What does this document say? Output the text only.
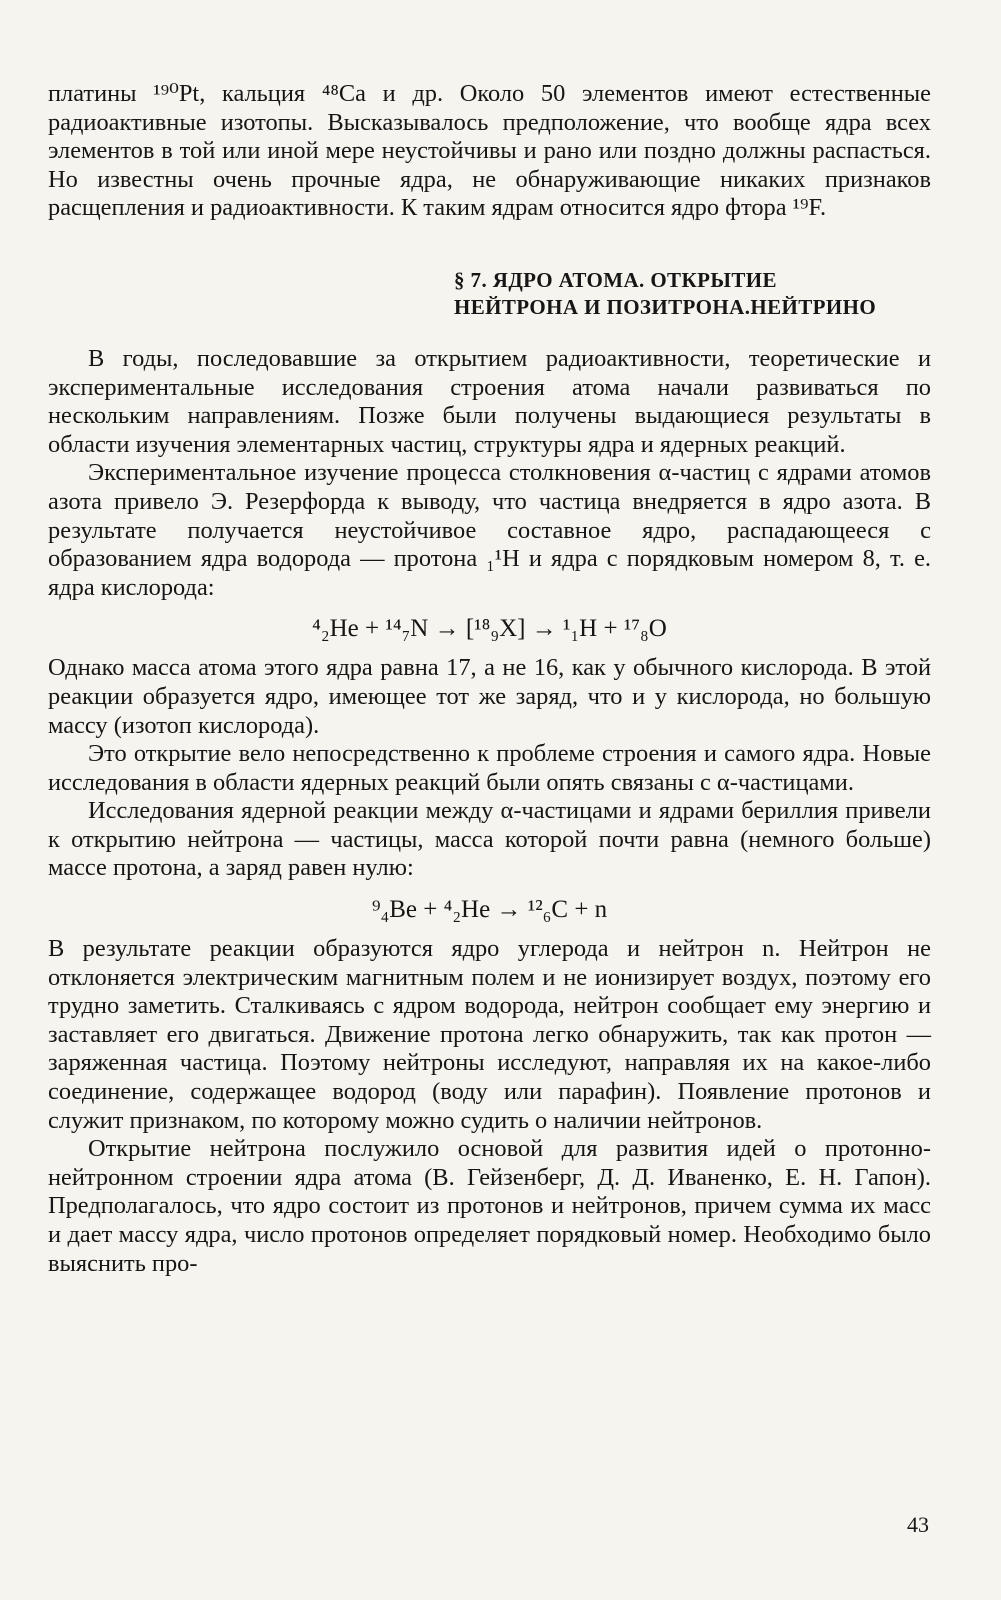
платины ¹⁹⁰Pt, кальция ⁴⁸Ca и др. Около 50 элементов имеют естественные радиоактивные изотопы. Высказывалось предположение, что вообще ядра всех элементов в той или иной мере неустойчивы и рано или поздно должны распасться. Но известны очень прочные ядра, не обнаруживающие никаких признаков расщепления и радиоактивности. К таким ядрам относится ядро фтора ¹⁹F.

§ 7. ЯДРО АТОМА. ОТКРЫТИЕ
НЕЙТРОНА И ПОЗИТРОНА.НЕЙТРИНО

В годы, последовавшие за открытием радиоактивности, теоретические и экспериментальные исследования строения атома начали развиваться по нескольким направлениям. Позже были получены выдающиеся результаты в области изучения элементарных частиц, структуры ядра и ядерных реакций.

Экспериментальное изучение процесса столкновения α-частиц с ядрами атомов азота привело Э. Резерфорда к выводу, что частица внедряется в ядро азота. В результате получается неустойчивое составное ядро, распадающееся с образованием ядра водорода — протона ₁¹H и ядра с порядковым номером 8, т. е. ядра кислорода:

⁴₂He + ¹⁴₇N → [¹⁸₉X] → ¹₁H + ¹⁷₈O

Однако масса атома этого ядра равна 17, а не 16, как у обычного кислорода. В этой реакции образуется ядро, имеющее тот же заряд, что и у кислорода, но большую массу (изотоп кислорода).

Это открытие вело непосредственно к проблеме строения и самого ядра. Новые исследования в области ядерных реакций были опять связаны с α-частицами.

Исследования ядерной реакции между α-частицами и ядрами бериллия привели к открытию нейтрона — частицы, масса которой почти равна (немного больше) массе протона, а заряд равен нулю:

⁹₄Be + ⁴₂He → ¹²₆C + n

В результате реакции образуются ядро углерода и нейтрон n. Нейтрон не отклоняется электрическим магнитным полем и не ионизирует воздух, поэтому его трудно заметить. Сталкиваясь с ядром водорода, нейтрон сообщает ему энергию и заставляет его двигаться. Движение протона легко обнаружить, так как протон — заряженная частица. Поэтому нейтроны исследуют, направляя их на какое-либо соединение, содержащее водород (воду или парафин). Появление протонов и служит признаком, по которому можно судить о наличии нейтронов.

Открытие нейтрона послужило основой для развития идей о протонно-нейтронном строении ядра атома (В. Гейзенберг, Д. Д. Иваненко, Е. Н. Гапон). Предполагалось, что ядро состоит из протонов и нейтронов, причем сумма их масс и дает массу ядра, число протонов определяет порядковый номер. Необходимо было выяснить про-

43
